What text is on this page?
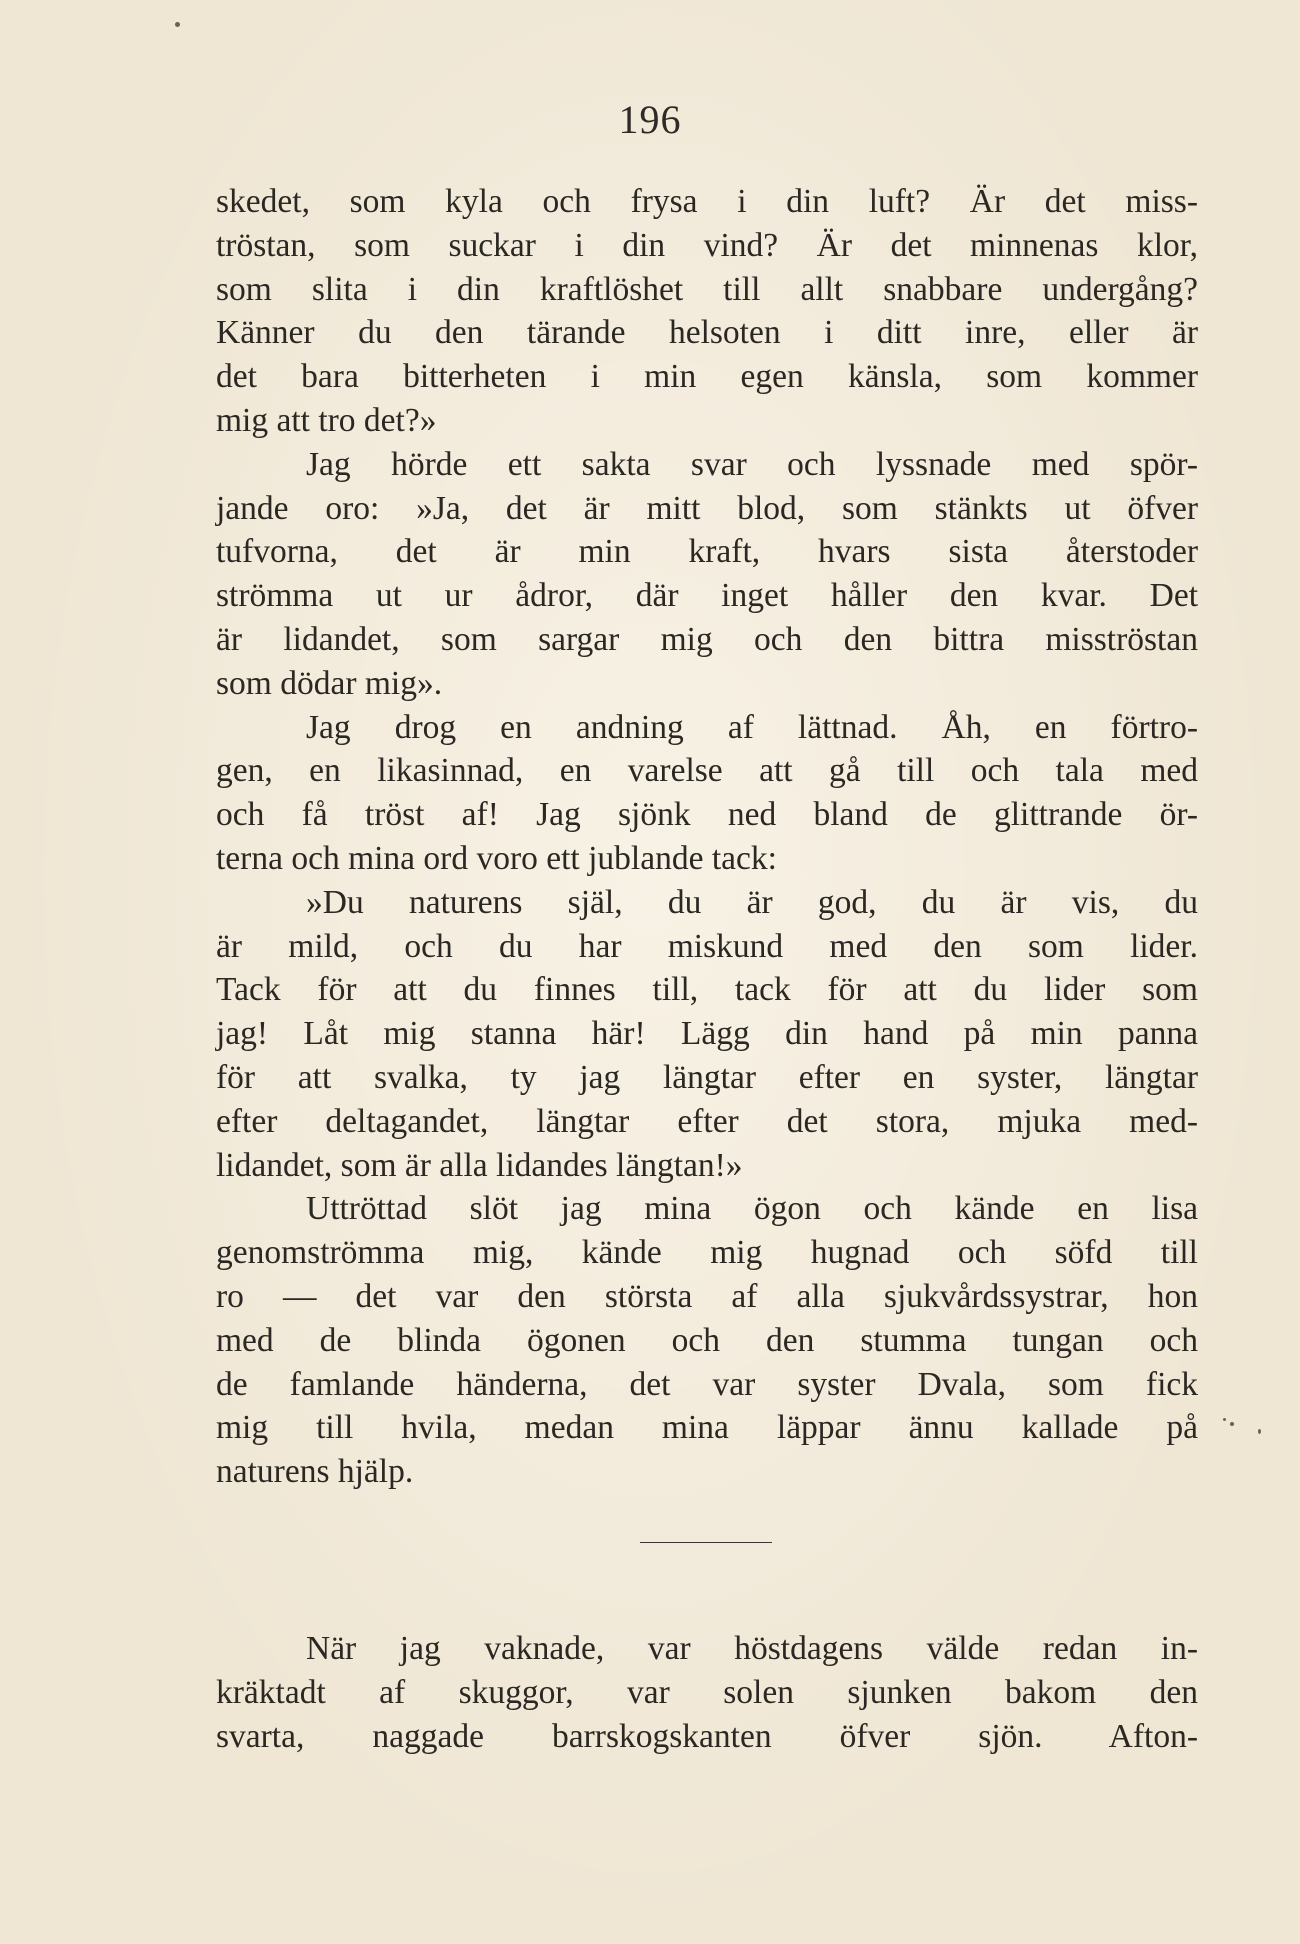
196
skedet, som kyla och frysa i din luft? Är det miss-
tröstan, som suckar i din vind? Är det minnenas klor,
som slita i din kraftlöshet till allt snabbare undergång?
Känner du den tärande helsoten i ditt inre, eller är
det bara bitterheten i min egen känsla, som kommer
mig att tro det?»
Jag hörde ett sakta svar och lyssnade med spör-
jande oro: »Ja, det är mitt blod, som stänkts ut öfver
tufvorna, det är min kraft, hvars sista återstoder
strömma ut ur ådror, där inget håller den kvar. Det
är lidandet, som sargar mig och den bittra misströstan
som dödar mig».
Jag drog en andning af lättnad. Åh, en förtro-
gen, en likasinnad, en varelse att gå till och tala med
och få tröst af! Jag sjönk ned bland de glittrande ör-
terna och mina ord voro ett jublande tack:
»Du naturens själ, du är god, du är vis, du
är mild, och du har miskund med den som lider.
Tack för att du finnes till, tack för att du lider som
jag! Låt mig stanna här! Lägg din hand på min panna
för att svalka, ty jag längtar efter en syster, längtar
efter deltagandet, längtar efter det stora, mjuka med-
lidandet, som är alla lidandes längtan!»
Uttröttad slöt jag mina ögon och kände en lisa
genomströmma mig, kände mig hugnad och söfd till
ro — det var den största af alla sjukvårdssystrar, hon
med de blinda ögonen och den stumma tungan och
de famlande händerna, det var syster Dvala, som fick
mig till hvila, medan mina läppar ännu kallade på
naturens hjälp.
När jag vaknade, var höstdagens välde redan in-
kräktadt af skuggor, var solen sjunken bakom den
svarta, naggade barrskogskanten öfver sjön. Afton-
